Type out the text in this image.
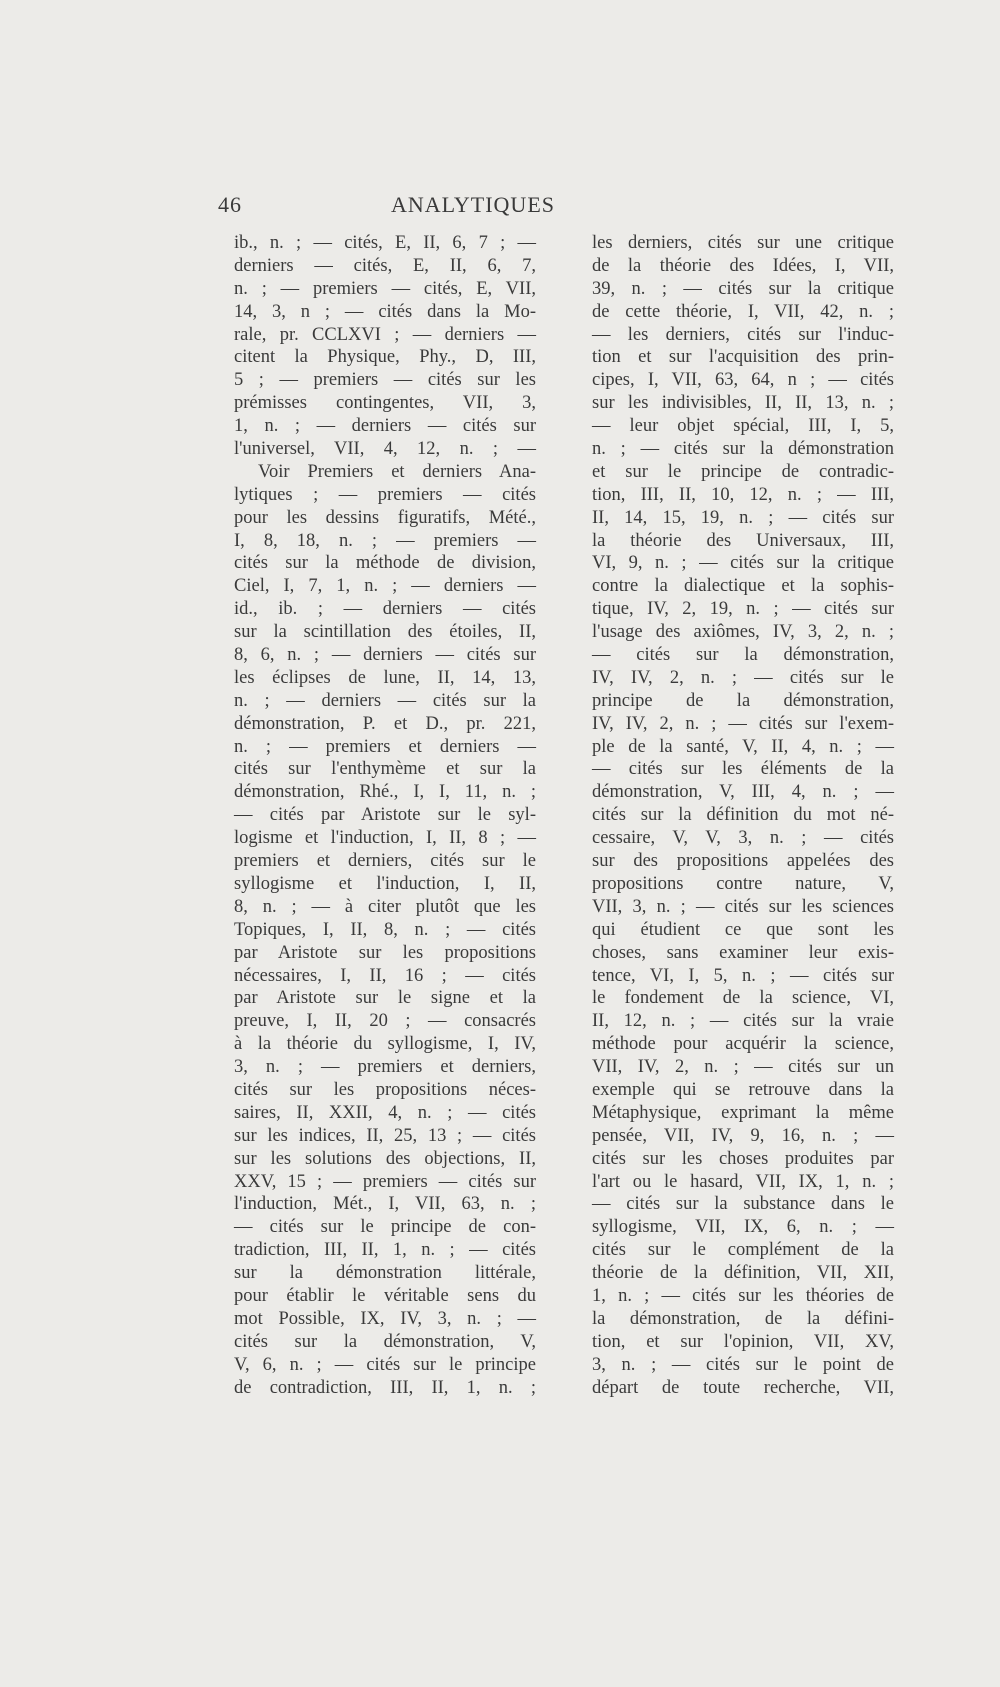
46	ANALYTIQUES
ib., n. ; — cités, E, II, 6, 7 ; —
derniers — cités, E, II, 6, 7,
n. ; — premiers — cités, E, VII,
14, 3, n ; — cités dans la Mo-
rale, pr. CCLXVI ; — derniers —
citent la Physique, Phy., D, III,
5 ; — premiers — cités sur les
prémisses contingentes, VII, 3,
1, n. ; — derniers — cités sur
l'universel, VII, 4, 12, n. ; —
Voir Premiers et derniers Ana-
lytiques ; — premiers — cités
pour les dessins figuratifs, Mété.,
I, 8, 18, n. ; — premiers —
cités sur la méthode de division,
Ciel, I, 7, 1, n. ; — derniers —
id., ib. ; — derniers — cités
sur la scintillation des étoiles, II,
8, 6, n. ; — derniers — cités sur
les éclipses de lune, II, 14, 13,
n. ; — derniers — cités sur la
démonstration, P. et D., pr. 221,
n. ; — premiers et derniers —
cités sur l'enthymème et sur la
démonstration, Rhé., I, I, 11, n. ;
— cités par Aristote sur le syl-
logisme et l'induction, I, II, 8 ; —
premiers et derniers, cités sur le
syllogisme et l'induction, I, II,
8, n. ; — à citer plutôt que les
Topiques, I, II, 8, n. ; — cités
par Aristote sur les propositions
nécessaires, I, II, 16 ; — cités
par Aristote sur le signe et la
preuve, I, II, 20 ; — consacrés
à la théorie du syllogisme, I, IV,
3, n. ; — premiers et derniers,
cités sur les propositions néces-
saires, II, XXII, 4, n. ; — cités
sur les indices, II, 25, 13 ; — cités
sur les solutions des objections, II,
XXV, 15 ; — premiers — cités sur
l'induction, Mét., I, VII, 63, n. ;
— cités sur le principe de con-
tradiction, III, II, 1, n. ; — cités
sur la démonstration littérale,
pour établir le véritable sens du
mot Possible, IX, IV, 3, n. ; —
cités sur la démonstration, V,
V, 6, n. ; — cités sur le principe
de contradiction, III, II, 1, n. ;
les derniers, cités sur une critique
de la théorie des Idées, I, VII,
39, n. ; — cités sur la critique
de cette théorie, I, VII, 42, n. ;
— les derniers, cités sur l'induc-
tion et sur l'acquisition des prin-
cipes, I, VII, 63, 64, n ; — cités
sur les indivisibles, II, II, 13, n. ;
— leur objet spécial, III, I, 5,
n. ; — cités sur la démonstration
et sur le principe de contradic-
tion, III, II, 10, 12, n. ; — III,
II, 14, 15, 19, n. ; — cités sur
la théorie des Universaux, III,
VI, 9, n. ; — cités sur la critique
contre la dialectique et la sophis-
tique, IV, 2, 19, n. ; — cités sur
l'usage des axiômes, IV, 3, 2, n. ;
— cités sur la démonstration,
IV, IV, 2, n. ; — cités sur le
principe de la démonstration,
IV, IV, 2, n. ; — cités sur l'exem-
ple de la santé, V, II, 4, n. ; —
— cités sur les éléments de la
démonstration, V, III, 4, n. ; —
cités sur la définition du mot né-
cessaire, V, V, 3, n. ; — cités
sur des propositions appelées des
propositions contre nature, V,
VII, 3, n. ; — cités sur les sciences
qui étudient ce que sont les
choses, sans examiner leur exis-
tence, VI, I, 5, n. ; — cités sur
le fondement de la science, VI,
II, 12, n. ; — cités sur la vraie
méthode pour acquérir la science,
VII, IV, 2, n. ; — cités sur un
exemple qui se retrouve dans la
Métaphysique, exprimant la même
pensée, VII, IV, 9, 16, n. ; —
cités sur les choses produites par
l'art ou le hasard, VII, IX, 1, n. ;
— cités sur la substance dans le
syllogisme, VII, IX, 6, n. ; —
cités sur le complément de la
théorie de la définition, VII, XII,
1, n. ; — cités sur les théories de
la démonstration, de la défini-
tion, et sur l'opinion, VII, XV,
3, n. ; — cités sur le point de
départ de toute recherche, VII,
